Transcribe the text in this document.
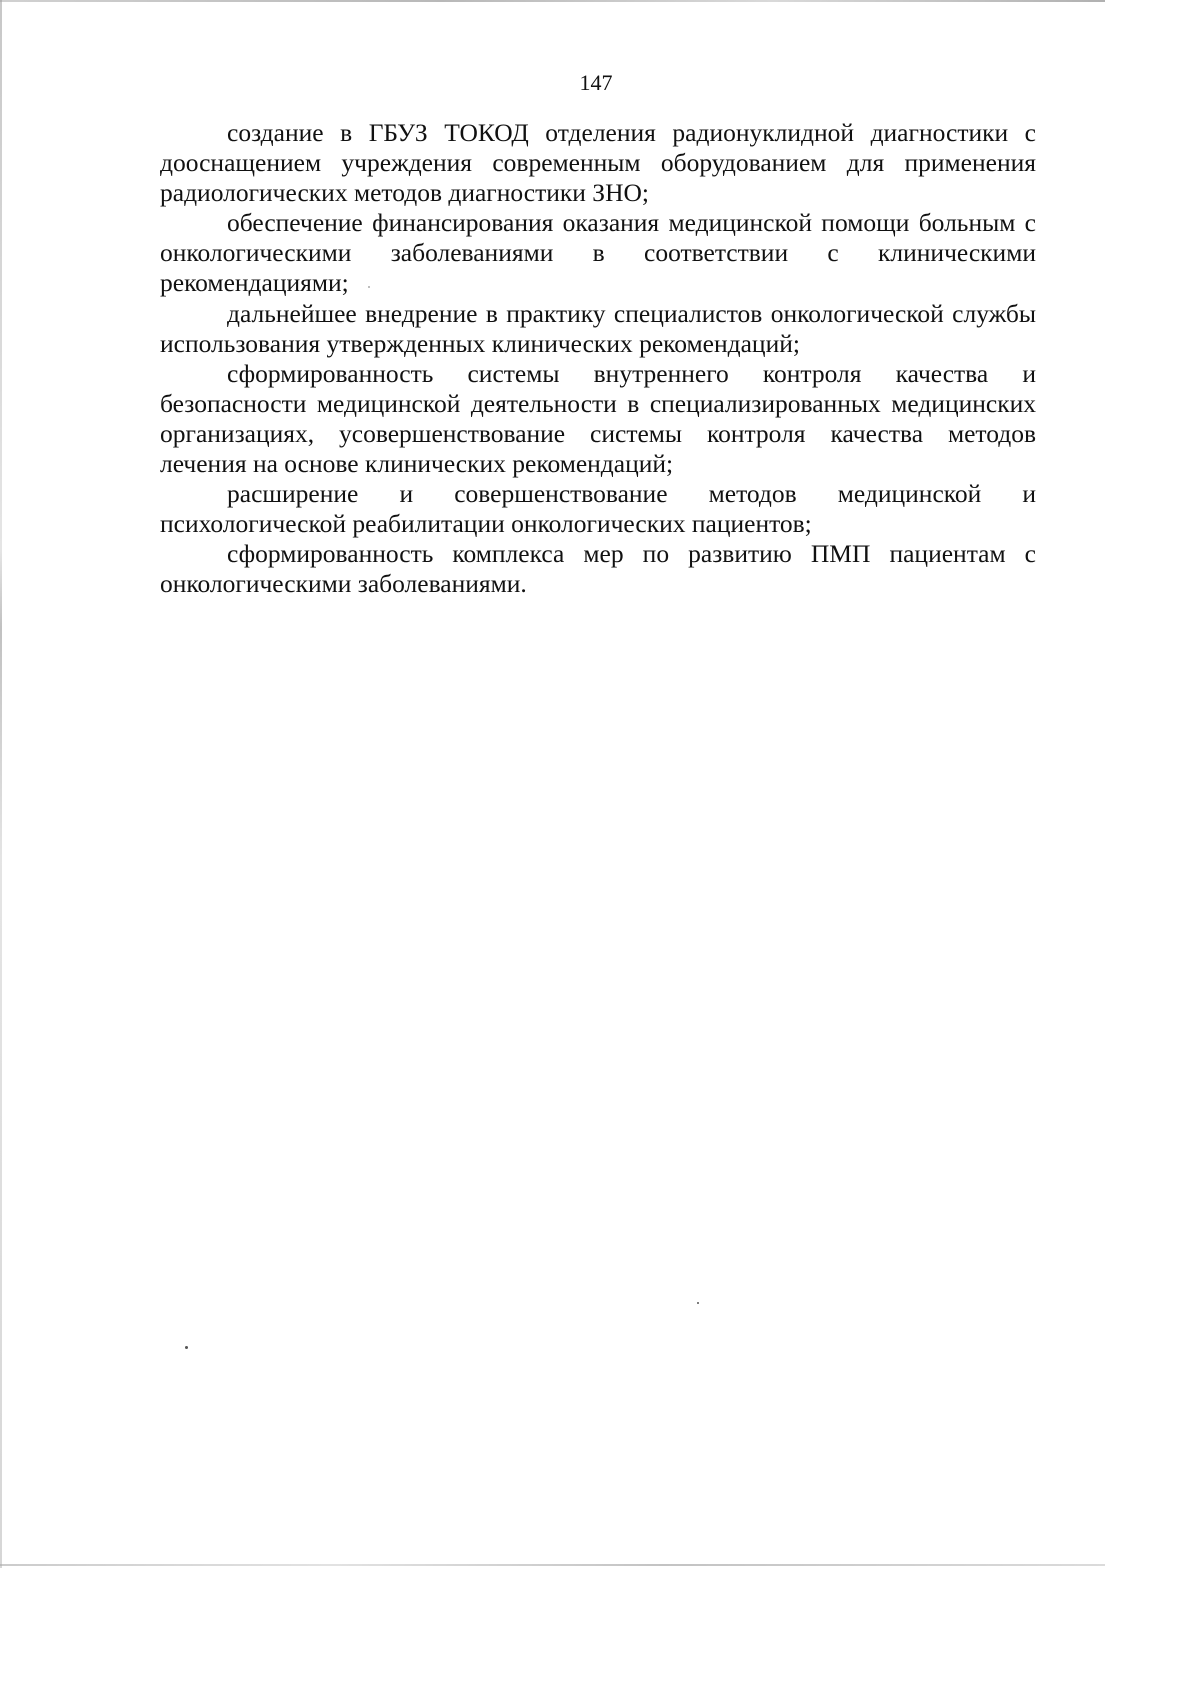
147

создание в ГБУЗ ТОКОД отделения радионуклидной диагностики с дооснащением учреждения современным оборудованием для применения радиологических методов диагностики ЗНО;

обеспечение финансирования оказания медицинской помощи больным с онкологическими заболеваниями в соответствии с клиническими рекомендациями;

дальнейшее внедрение в практику специалистов онкологической службы использования утвержденных клинических рекомендаций;

сформированность системы внутреннего контроля качества и безопасности медицинской деятельности в специализированных медицинских организациях, усовершенствование системы контроля качества методов лечения на основе клинических рекомендаций;

расширение и совершенствование методов медицинской и психологической реабилитации онкологических пациентов;

сформированность комплекса мер по развитию ПМП пациентам с онкологическими заболеваниями.
